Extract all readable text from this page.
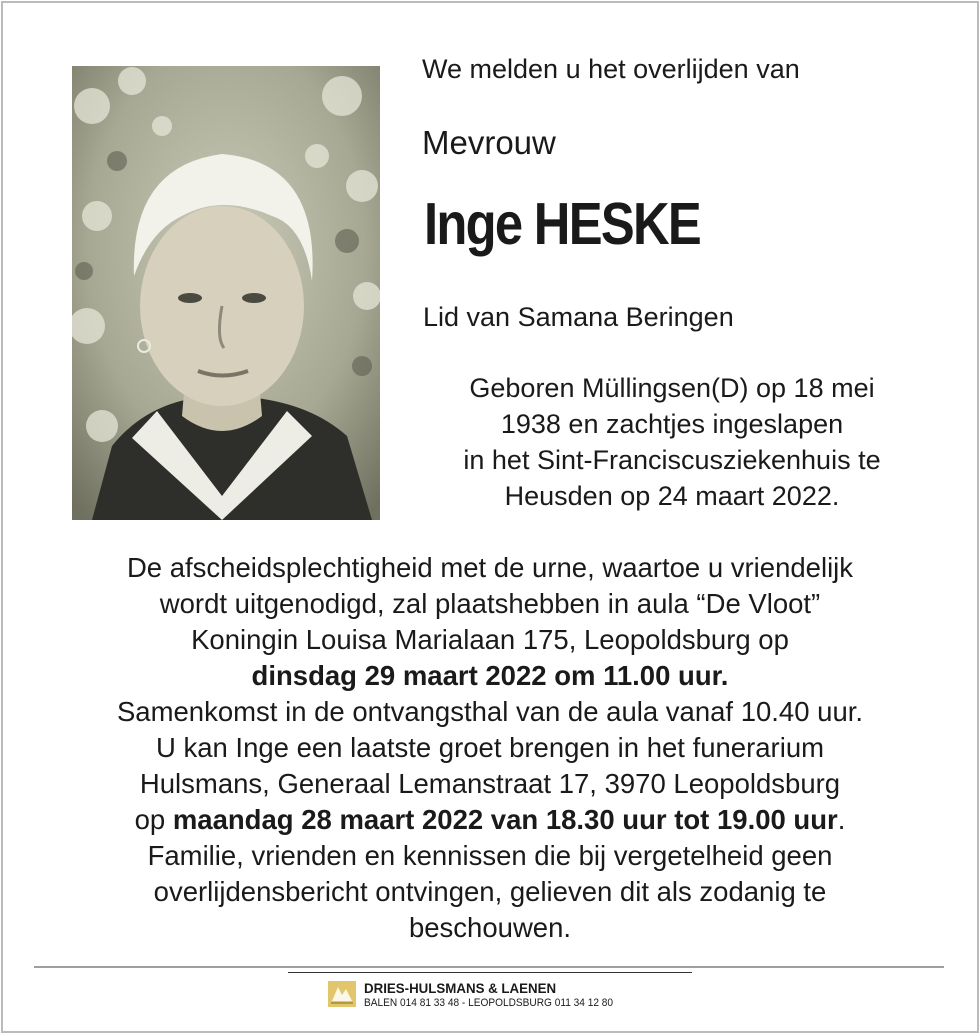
We melden u het overlijden van
Mevrouw
Inge HESKE
Lid van Samana Beringen
Geboren Müllingsen(D) op 18 mei
1938 en zachtjes ingeslapen
in het Sint-Franciscusziekenhuis te
Heusden op 24 maart 2022.
De afscheidsplechtigheid met de urne, waartoe u vriendelijk
wordt uitgenodigd, zal plaatshebben in aula “De Vloot”
Koningin Louisa Marialaan 175, Leopoldsburg op
dinsdag 29 maart 2022 om 11.00 uur.
Samenkomst in de ontvangsthal van de aula vanaf 10.40 uur.
U kan Inge een laatste groet brengen in het funerarium
Hulsmans, Generaal Lemanstraat 17, 3970 Leopoldsburg
op maandag 28 maart 2022 van 18.30 uur tot 19.00 uur.
Familie, vrienden en kennissen die bij vergetelheid geen
overlijdensbericht ontvingen, gelieven dit als zodanig te
beschouwen.
DRIES-HULSMANS & LAENEN
BALEN 014 81 33 48 - LEOPOLDSBURG 011 34 12 80
